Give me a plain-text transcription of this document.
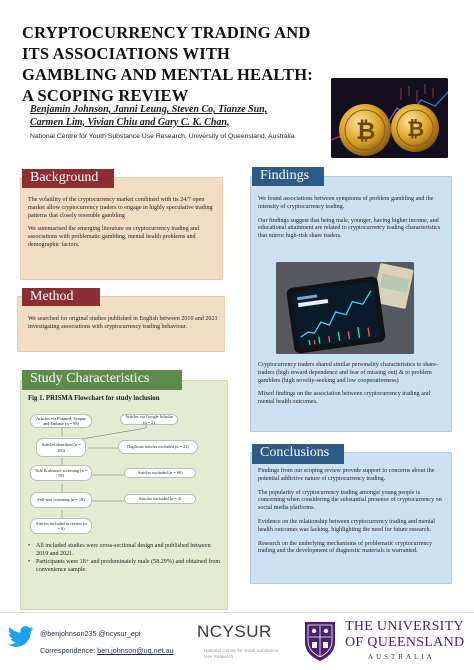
CRYPTOCURRENCY TRADING AND ITS ASSOCIATIONS WITH GAMBLING AND MENTAL HEALTH: A SCOPING REVIEW
Benjamin Johnson, Janni Leung, Steven Co, Tianze Sun,
Carmen Lim, Vivian Chiu and Gary C. K. Chan,
National Centre for Youth Substance Use Research, University of Queensland, Australia	₿ ₿
Background

The volatility of the cryptocurrency market combined with its 24/7 open market allow cryptocurrency traders to engage in highly speculative trading patterns that closely resemble gambling

We summarised the emerging literature on cryptocurrency trading and associations with problematic gambling, mental health problems and demographic factors.

Method

We searched for original studies published in English between 2010 and 2021 investigating associations with cryptocurrency trading behaviour.

Study Characteristics
Fig 1. PRISMA Flowchart for study inclusion
Articles via Pubmed, Scopus and Embase (n = 98)
Articles via Google Scholar (n = 2)
Articles identified (n = 100)
Duplicate articles excluded (n = 22)
Title & abstract screening (n = 78)
Articles excluded (n = 60)
Full-text screening (n = 18)	Articles excluded (n = 4)
Articles included in review (n = 6)
• All included studies were cross-sectional design and published between 2019 and 2021.
• Participants were 18+ and predominately male (58.29%) and obtained from convenience sample.
Findings

We found associations between symptoms of problem gambling and the intensity of cryptocurrency trading.

Our findings suggest that being male, younger, having higher income, and educational attainment are related to cryptocurrency trading characteristics that mirror high-risk share traders.

Cryptocurrency traders shared similar personality characteristics to share-traders (high reward dependence and fear of missing out) & to problem gamblers (high novelty-seeking and low cooperativeness)

Mixed findings on the association between cryptocurrency trading and mental health outcomes.

Conclusions

Findings from our scoping review provide support to concerns about the potential addictive nature of cryptocurrency trading.

The popularity of cryptocurrency trading amongst young people is concerning when considering the substantial presence of cryptocurrency on social media platforms.

Evidence on the relationship between cryptocurrency trading and mental health outcomes was lacking, highlighting the need for future research.

Research on the underlying mechanisms of problematic cryptocurrency trading and the development of diagnostic materials is warranted.

@benjohnson235 @ncysur_epi
Correspondence: ben.johnson@uq.net.au
NCYSUR
National Centre for Youth Substance Use Research
THE UNIVERSITY
OF QUEENSLAND
AUSTRALIA
